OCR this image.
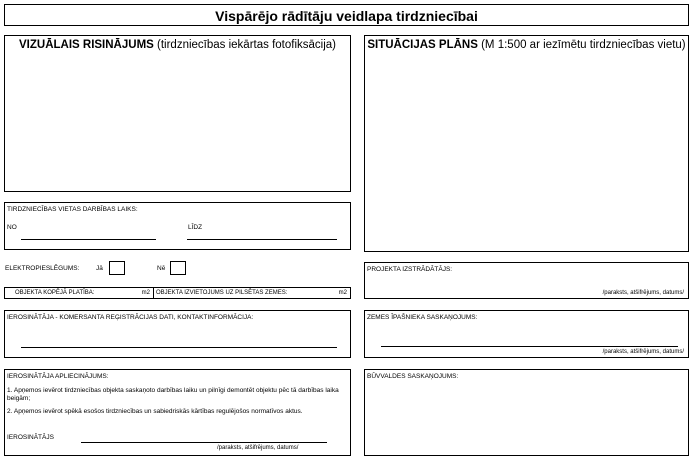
Vispārējo rādītāju veidlapa tirdzniecībai
VIZUĀLAIS RISINĀJUMS (tirdzniecības iekārtas fotofiksācija)	SITUĀCIJAS PLĀNS (M 1:500 ar iezīmētu tirdzniecības vietu)
TIRDZNIECĪBAS VIETAS DARBĪBAS LAIKS:
NO	LĪDZ
ELEKTROPIESLĒGUMS:	Jā	Nē
OBJEKTA KOPĒJĀ PLATĪBA:	m2 OBJEKTA IZVIETOJUMS UZ PILSĒTAS ZEMES:	m2
PROJEKTA IZSTRĀDĀTĀJS:
/paraksts, atšifrējums, datums/
IEROSINĀTĀJA - KOMERSANTA REĢISTRĀCIJAS DATI, KONTAKTINFORMĀCIJA:	ZEMES ĪPAŠNIEKA SASKAŅOJUMS:
/paraksts, atšifrējums, datums/
IEROSINĀTĀJA APLIECINĀJUMS:
1. Apņemos ievērot tirdzniecības objekta saskaņoto darbības laiku un pilnīgi demontēt objektu pēc tā darbības laika
beigām;
2. Apņemos ievērot spēkā esošos tirdzniecības un sabiedriskās kārtības regulējošos normatīvos aktus.
IEROSINĀTĀJS
/paraksts, atšifrējums, datums/
BŪVVALDES SASKAŅOJUMS:
